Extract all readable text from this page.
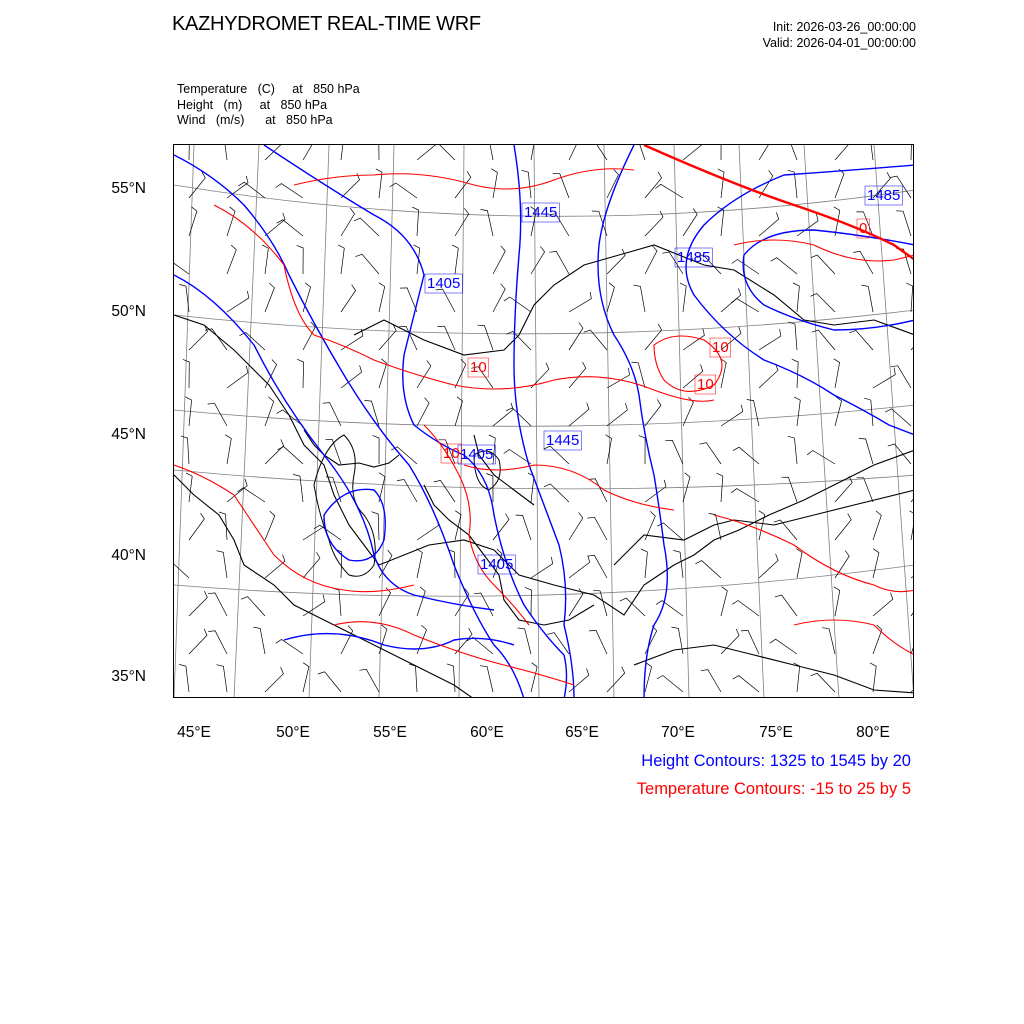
KAZHYDROMET REAL-TIME WRF	Init: 2026-03-26_00:00:00
Valid: 2026-04-01_00:00:00
Temperature   (C)     at   850 hPa
Height   (m)     at   850 hPa
Wind   (m/s)      at   850 hPa
1445
1485
1485
1405
1405
1445
1405
0
10
10
10
10
55°N
50°N
45°N
40°N
35°N
45°E	50°E	55°E	60°E	65°E	70°E	75°E	80°E
Height Contours: 1325 to 1545 by 20
Temperature Contours: -15 to 25 by 5
